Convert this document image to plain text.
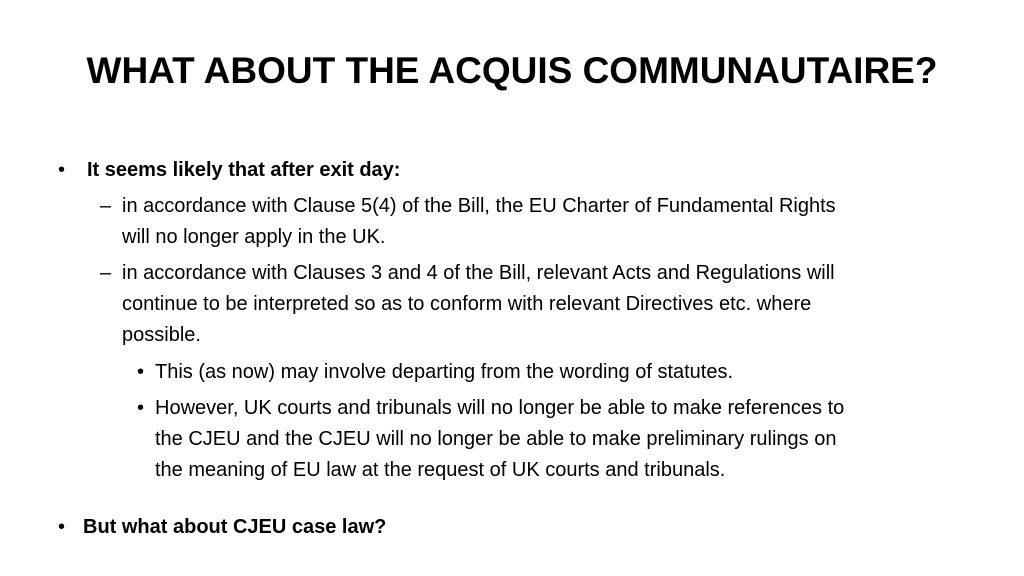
WHAT ABOUT THE ACQUIS COMMUNAUTAIRE?
• It seems likely that after exit day:
– in accordance with Clause 5(4) of the Bill, the EU Charter of Fundamental Rights
will no longer apply in the UK.
– in accordance with Clauses 3 and 4 of the Bill, relevant Acts and Regulations will
continue to be interpreted so as to conform with relevant Directives etc. where
possible.
• This (as now) may involve departing from the wording of statutes.
• However, UK courts and tribunals will no longer be able to make references to
the CJEU and the CJEU will no longer be able to make preliminary rulings on
the meaning of EU law at the request of UK courts and tribunals.
• But what about CJEU case law?
